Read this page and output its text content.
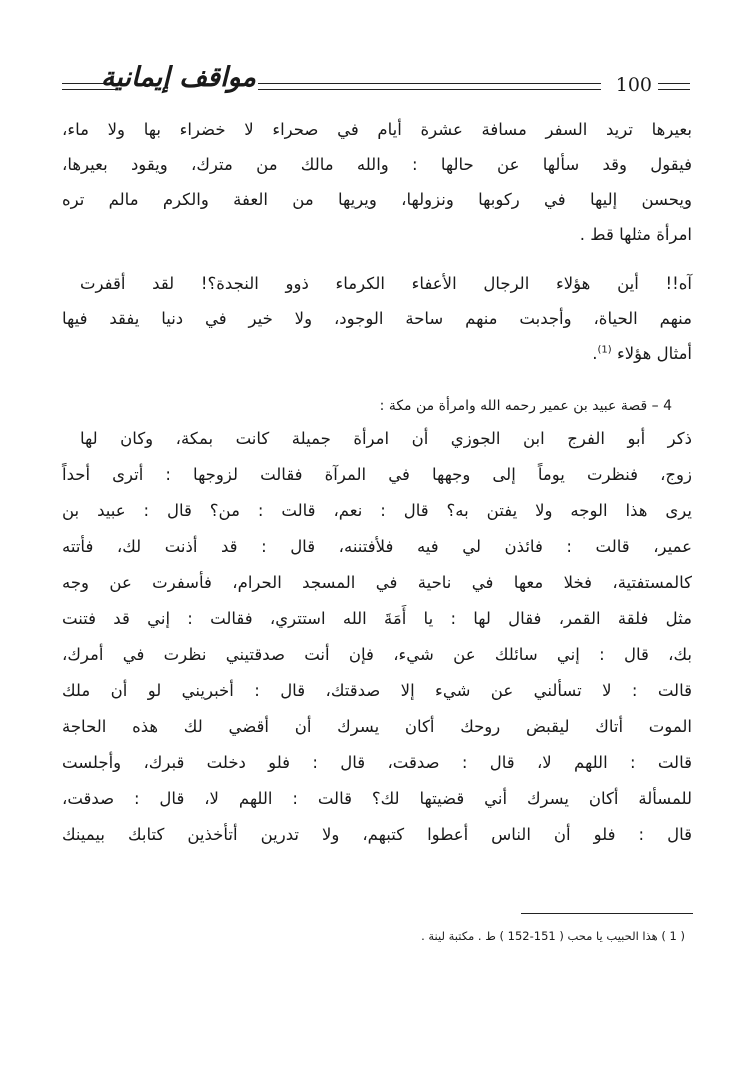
مواقف إيمانية	100
بعيرها تريد السفر مسافة عشرة أيام في صحراء لا خضراء بها ولا ماء،
فيقول وقد سألها عن حالها : والله مالك من مترك، ويقود بعيرها،
ويحسن إليها في ركوبها ونزولها، ويريها من العفة والكرم مالم تره
امرأة مثلها قط .
آه!! أين هؤلاء الرجال الأعفاء الكرماء ذوو النجدة؟! لقد أقفرت
منهم الحياة، وأجدبت منهم ساحة الوجود، ولا خير في دنيا يفقد فيها
أمثال هؤلاء $^{(1)}$.
4 – قصة عبيد بن عمير رحمه الله وامرأة من مكة :
ذكر أبو الفرج ابن الجوزي أن امرأة جميلة كانت بمكة، وكان لها
زوج، فنظرت يوماً إلى وجهها في المرآة فقالت لزوجها : أترى أحداً
يرى هذا الوجه ولا يفتن به؟ قال : نعم، قالت : من؟ قال : عبيد بن
عمير، قالت : فائذن لي فيه فلأفتننه، قال : قد أذنت لك، فأتته
كالمستفتية، فخلا معها في ناحية في المسجد الحرام، فأسفرت عن وجه
مثل فلقة القمر، فقال لها : يا أَمَةَ الله استتري، فقالت : إني قد فتنت
بك، قال : إني سائلك عن شيء، فإن أنت صدقتيني نظرت في أمرك،
قالت : لا تسألني عن شيء إلا صدقتك، قال : أخبريني لو أن ملك
الموت أتاك ليقبض روحك أكان يسرك أن أقضي لك هذه الحاجة
قالت : اللهم لا، قال : صدقت، قال : فلو دخلت قبرك، وأجلست
للمسألة أكان يسرك أني قضيتها لك؟ قالت : اللهم لا، قال : صدقت،
قال : فلو أن الناس أعطوا كتبهم، ولا تدرين أتأخذين كتابك بيمينك
( 1 ) هذا الحبيب يا محب ( 151-152 ) ط . مكتبة لينة .
